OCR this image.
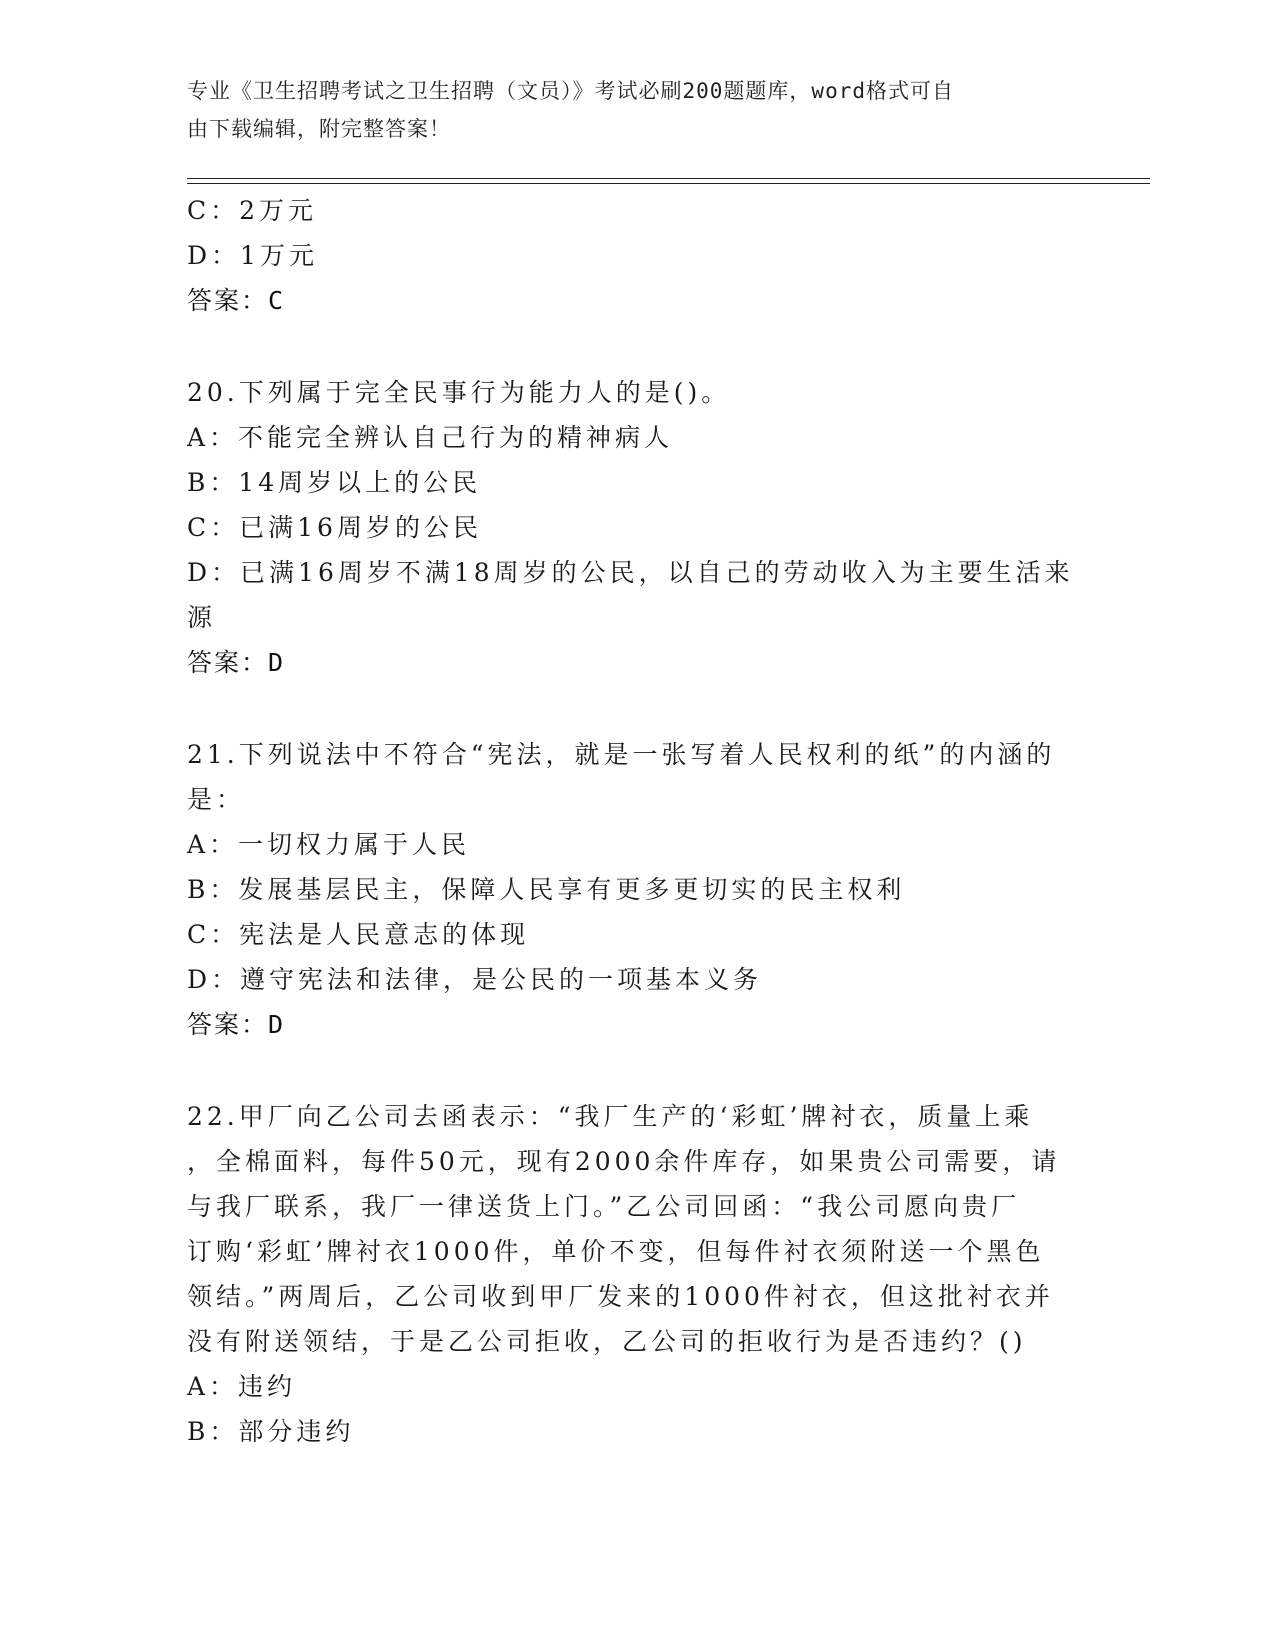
专业《卫生招聘考试之卫生招聘（文员）》考试必刷200题题库，word格式可自
由下载编辑，附完整答案！
C：2万元
D：1万元
答案：C
20.下列属于完全民事行为能力人的是()。
A：不能完全辨认自己行为的精神病人
B：14周岁以上的公民
C：已满16周岁的公民
D：已满16周岁不满18周岁的公民，以自己的劳动收入为主要生活来
源
答案：D
21.下列说法中不符合“宪法，就是一张写着人民权利的纸”的内涵的
是：
A：一切权力属于人民
B：发展基层民主，保障人民享有更多更切实的民主权利
C：宪法是人民意志的体现
D：遵守宪法和法律，是公民的一项基本义务
答案：D
22.甲厂向乙公司去函表示：“我厂生产的‘彩虹’牌衬衣，质量上乘
，全棉面料，每件50元，现有2000余件库存，如果贵公司需要，请
与我厂联系，我厂一律送货上门。”乙公司回函：“我公司愿向贵厂
订购‘彩虹’牌衬衣1000件，单价不变，但每件衬衣须附送一个黑色
领结。”两周后，乙公司收到甲厂发来的1000件衬衣，但这批衬衣并
没有附送领结，于是乙公司拒收，乙公司的拒收行为是否违约？()
A：违约
B：部分违约
